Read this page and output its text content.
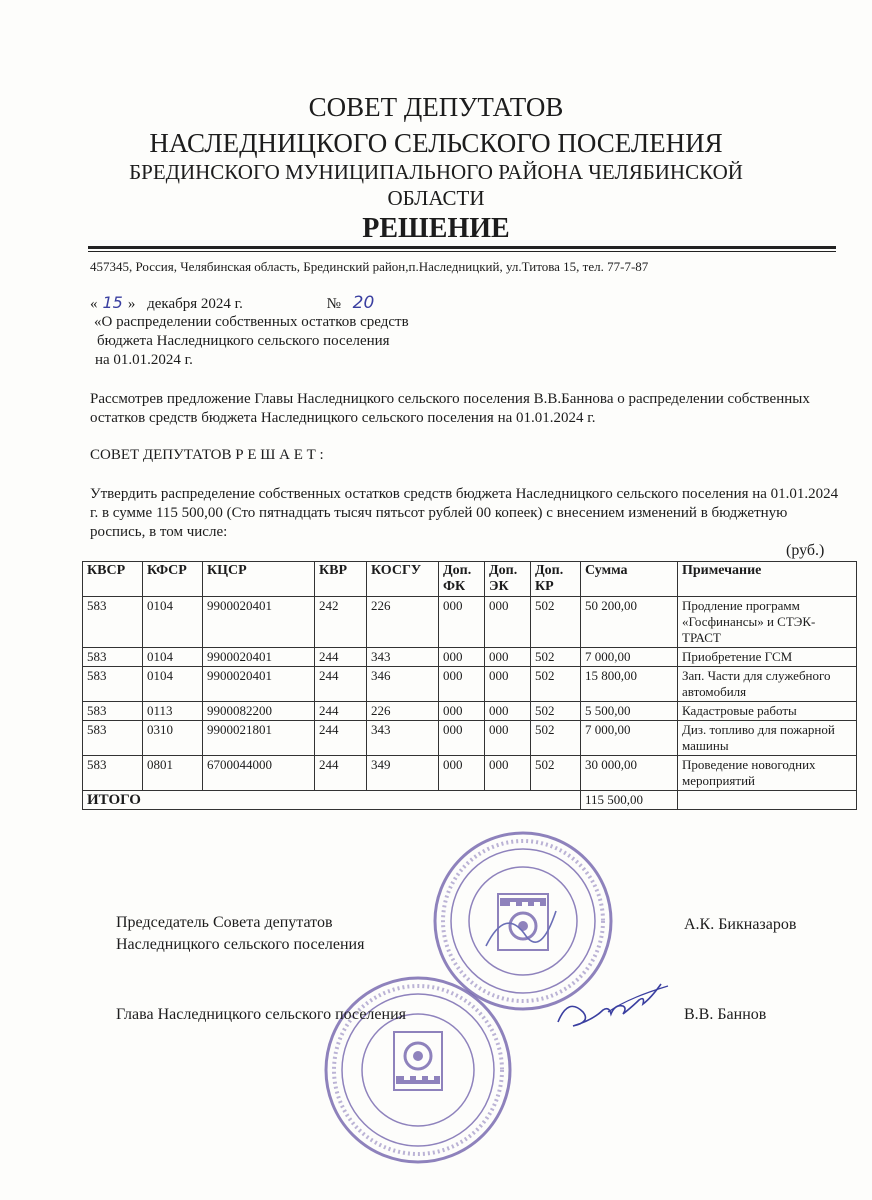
СОВЕТ ДЕПУТАТОВ
НАСЛЕДНИЦКОГО СЕЛЬСКОГО ПОСЕЛЕНИЯ
БРЕДИНСКОГО МУНИЦИПАЛЬНОГО РАЙОНА ЧЕЛЯБИНСКОЙ
ОБЛАСТИ
РЕШЕНИЕ
457345, Россия, Челябинская область, Брединский район,п.Наследницкий, ул.Титова 15, тел. 77-7-87
« 15 » декабря 2024 г.	№ 20
«О распределении собственных остатков средств
бюджета Наследницкого сельского поселения
на 01.01.2024 г.
Рассмотрев предложение Главы Наследницкого сельского поселения В.В.Баннова о распределении собственных остатков средств бюджета Наследницкого сельского поселения на 01.01.2024 г.
СОВЕТ ДЕПУТАТОВ Р Е Ш А Е Т :
Утвердить распределение собственных остатков средств бюджета Наследницкого сельского поселения на 01.01.2024 г. в сумме 115 500,00 (Сто пятнадцать тысяч пятьсот рублей 00 копеек) с внесением изменений в бюджетную роспись, в том числе:
(руб.)
КВСР	КФСР	КЦСР	КВР	КОСГУ	Доп. ФК	Доп. ЭК	Доп. КР	Сумма	Примечание
583	0104	9900020401	242	226	000	000	502	50 200,00	Продление программ «Госфинансы» и СТЭК-ТРАСТ
583	0104	9900020401	244	343	000	000	502	7 000,00	Приобретение ГСМ
583	0104	9900020401	244	346	000	000	502	15 800,00	Зап. Части для служебного автомобиля
583	0113	9900082200	244	226	000	000	502	5 500,00	Кадастровые работы
583	0310	9900021801	244	343	000	000	502	7 000,00	Диз. топливо для пожарной машины
583	0801	6700044000	244	349	000	000	502	30 000,00	Проведение новогодних мероприятий
ИТОГО								115 500,00	
Председатель Совета депутатов
Наследницкого сельского поселения
А.К. Бикназаров
Глава Наследницкого сельского поселения	В.В. Баннов
